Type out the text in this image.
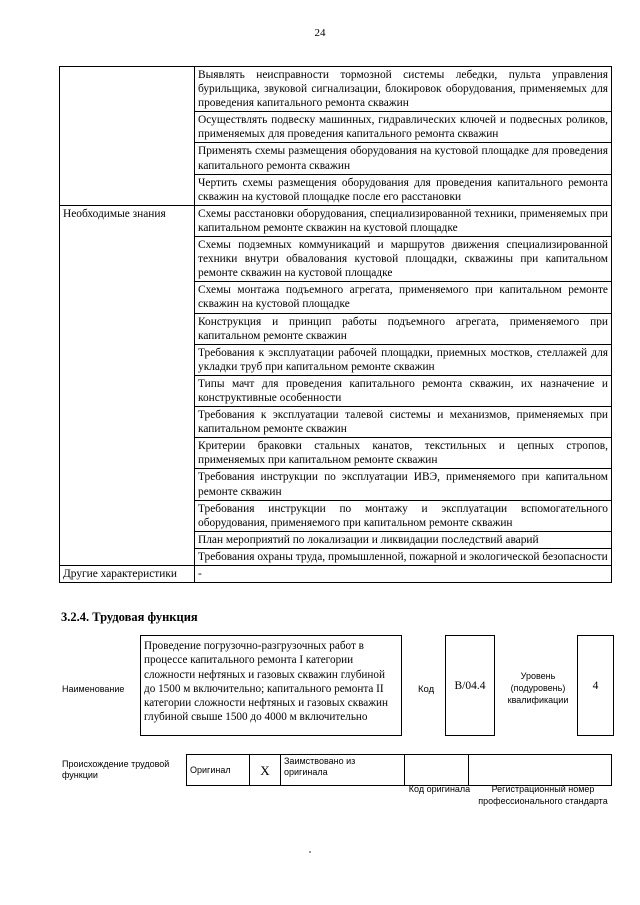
24
	Выявлять неисправности тормозной системы лебедки, пульта управления бурильщика, звуковой сигнализации, блокировок оборудования, применяемых для проведения капитального ремонта скважин
	Осуществлять подвеску машинных, гидравлических ключей и подвесных роликов, применяемых для проведения капитального ремонта скважин
	Применять схемы размещения оборудования на кустовой площадке для проведения капитального ремонта скважин
	Чертить схемы размещения оборудования для проведения капитального ремонта скважин на кустовой площадке после его расстановки
Необходимые знания	Схемы расстановки оборудования, специализированной техники, применяемых при капитальном ремонте скважин на кустовой площадке
	Схемы подземных коммуникаций и маршрутов движения специализированной техники внутри обвалования кустовой площадки, скважины при капитальном ремонте скважин на кустовой площадке
	Схемы монтажа подъемного агрегата, применяемого при капитальном ремонте скважин на кустовой площадке
	Конструкция и принцип работы подъемного агрегата, применяемого при капитальном ремонте скважин
	Требования к эксплуатации рабочей площадки, приемных мостков, стеллажей для укладки труб при капитальном ремонте скважин
	Типы мачт для проведения капитального ремонта скважин, их назначение и конструктивные особенности
	Требования к эксплуатации талевой системы и механизмов, применяемых при капитальном ремонте скважин
	Критерии браковки стальных канатов, текстильных и цепных стропов, применяемых при капитальном ремонте скважин
	Требования инструкции по эксплуатации ИВЭ, применяемого при капитальном ремонте скважин
	Требования инструкции по монтажу и эксплуатации вспомогательного оборудования, применяемого при капитальном ремонте скважин
	План мероприятий по локализации и ликвидации последствий аварий
	Требования охраны труда, промышленной, пожарной и экологической безопасности
Другие характеристики	-
3.2.4. Трудовая функция
Наименование
Проведение погрузочно-разгрузочных работ в процессе капитального ремонта I категории сложности нефтяных и газовых скважин глубиной до 1500 м включительно; капитального ремонта II категории сложности нефтяных и газовых скважин глубиной свыше 1500 до 4000 м включительно
Код	В/04.4
Уровень (подуровень) квалификации
4
Происхождение трудовой функции
Оригинал	X	Заимствовано из оригинала		
Код оригинала	Регистрационный номер профессионального стандарта
